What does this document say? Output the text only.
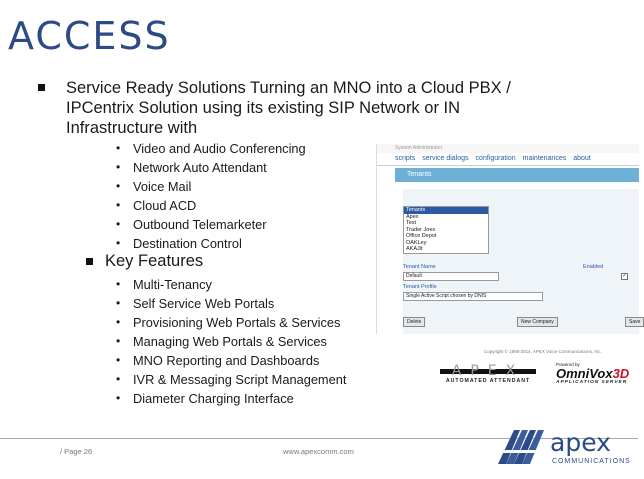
ACCESS
Service Ready Solutions Turning an MNO into a Cloud PBX / IPCentrix Solution using its existing SIP Network or IN Infrastructure with
• Video and Audio Conferencing
• Network Auto Attendant
• Voice Mail
• Cloud ACD
• Outbound Telemarketer
• Destination Control
Key Features
• Multi-Tenancy
• Self Service Web Portals
• Provisioning Web Portals & Services
• Managing Web Portals & Services
• MNO Reporting and Dashboards
• IVR & Messaging Script Management
• Diameter Charging Interface
System Administrator
scripts service dialogs configuration maintenances about
Tenants
Tenants
Apex
Test
Trader Joes
Office Depot
OAKLey
AKAJit
Tenant Name	Enabled
Default	✓
Tenant Profile
Single Active Script chosen by DNIS
Delete	New Company	Save
Copyright © 1998-2014, APEX Voice Communications, Inc.
APEX
AUTOMATED ATTENDANT
Powered by
OmniVox3D
APPLICATION SERVER
/ Page 26	www.apexcomm.com	apex
COMMUNICATIONS
